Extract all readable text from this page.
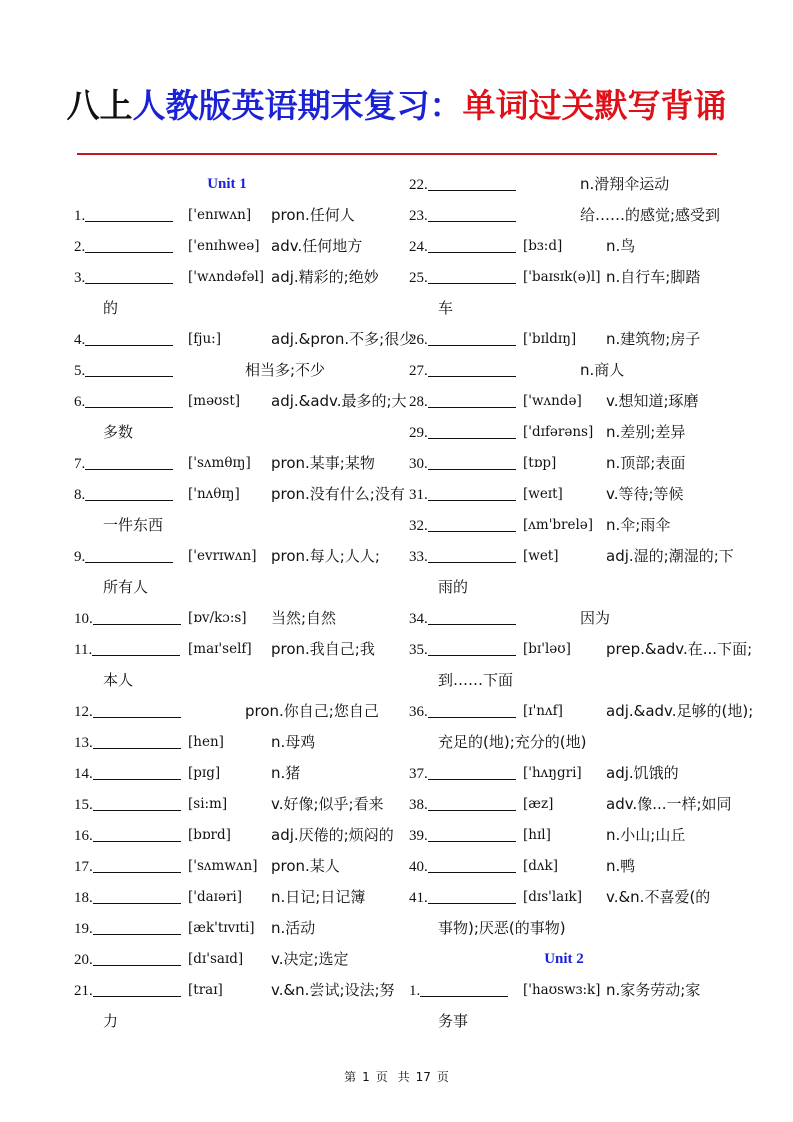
八上人教版英语期末复习：单词过关默写背诵
Unit 1
1.	['enɪwʌn] pron.任何人
2.	['enɪhweə] adv.任何地方
3.	['wʌndəfəl] adj.精彩的;绝妙
的
4.	[fju:]	adj.&pron.不多;很少
5.	相当多;不少
6.	[məʊst] adj.&adv.最多的;大
多数
7.	['sʌmθɪŋ] pron.某事;某物
8.	['nʌθɪŋ] pron.没有什么;没有
一件东西
9.	['evrɪwʌn] pron.每人;人人;
所有人
10.	[ɒv/kɔ:s] 当然;自然
11.	[maɪ'self] pron.我自己;我
本人
12.	pron.你自己;您自己
13.	[hen]	n.母鸡
14.	[pɪg]	n.猪
15.	[si:m]	v.好像;似乎;看来
16.	[bɒrd]	adj.厌倦的;烦闷的
17.	['sʌmwʌn] pron.某人
18.	['daɪəri] n.日记;日记簿
19.	[æk'tɪvɪti] n.活动
20.	[dɪ'saɪd] v.决定;选定
21.	[traɪ]	v.&n.尝试;设法;努
力
22.	n.滑翔伞运动
23.	给……的感觉;感受到
24.	[bɜ:d]	n.鸟
25.	['baɪsɪk(ə)l] n.自行车;脚踏
车
26.	['bɪldɪŋ] n.建筑物;房子
27.	n.商人
28.	['wʌndə] v.想知道;琢磨
29.	['dɪfərəns] n.差别;差异
30.	[tɒp]	n.顶部;表面
31.	[weɪt]	v.等待;等候
32.	[ʌm'brelə] n.伞;雨伞
33.	[wet]	adj.湿的;潮湿的;下
雨的
34.	因为
35.	[bɪ'ləʊ] prep.&adv.在...下面;
到……下面
36.	[ɪ'nʌf]	adj.&adv.足够的(地);
充足的(地);充分的(地)
37.	['hʌŋgri] adj.饥饿的
38.	[æz]	adv.像...一样;如同
39.	[hɪl]	n.小山;山丘
40.	[dʌk]	n.鸭
41.	[dɪs'laɪk] v.&n.不喜爱(的
事物);厌恶(的事物)
Unit 2
1.	['haʊswɜ:k] n.家务劳动;家
务事
第 1 页 共 17 页
